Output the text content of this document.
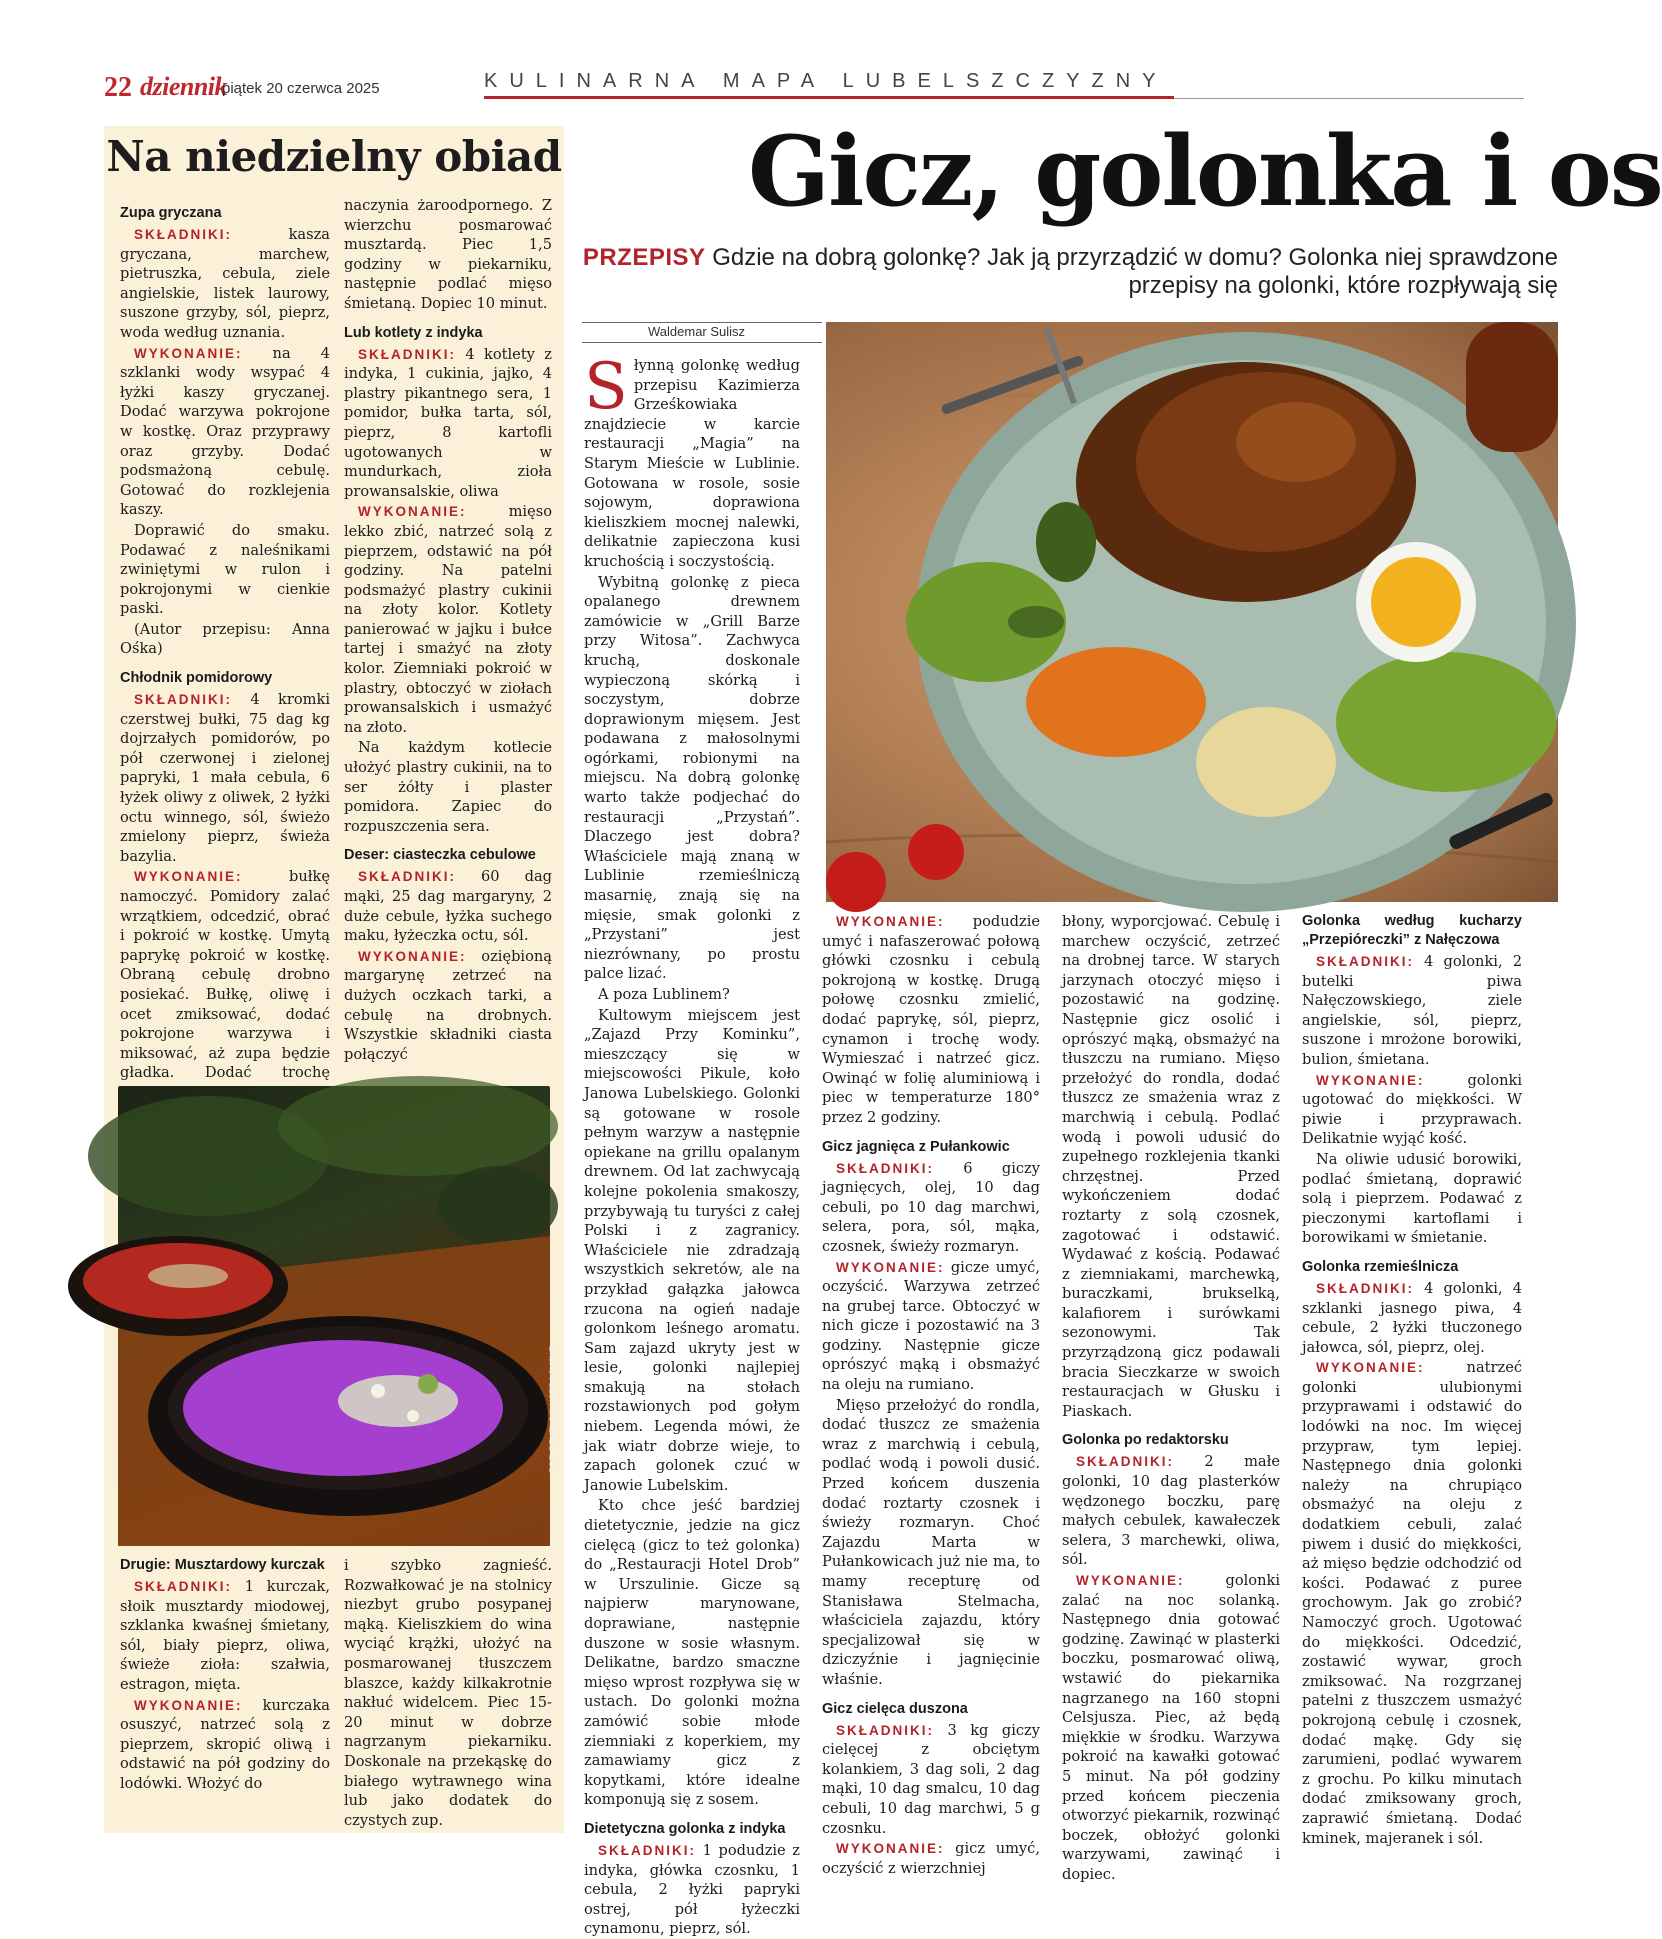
22 dziennik
piątek 20 czerwca 2025	KULINARNA MAPA LUBELSZCZYZNY
Na niedzielny obiad

Zupa gryczana

SKŁADNIKI: kasza gryczana, marchew, pietruszka, cebula, ziele angielskie, listek laurowy, suszone grzyby, sól, pieprz, woda według uznania.

WYKONANIE: na 4 szklanki wody wsypać 4 łyżki kaszy gryczanej. Dodać warzywa pokrojone w kostkę. Oraz przyprawy oraz grzyby. Dodać podsmażoną cebulę. Gotować do rozklejenia kaszy.

Doprawić do smaku. Podawać z naleśnikami zwiniętymi w rulon i pokrojonymi w cienkie paski.

(Autor przepisu: Anna Ośka)

Chłodnik pomidorowy

SKŁADNIKI: 4 kromki czerstwej bułki, 75 dag kg dojrzałych pomidorów, po pół czerwonej i zielonej papryki, 1 mała cebula, 6 łyżek oliwy z oliwek, 2 łyżki octu winnego, sól, świeżo zmielony pieprz, świeża bazylia.

WYKONANIE:	bułkę namoczyć. Pomidory zalać wrzątkiem, odcedzić, obrać i pokroić w kostkę. Umytą paprykę pokroić w kostkę. Obraną cebulę drobno posiekać. Bułkę, oliwę i ocet zmiksować, dodać pokrojone warzywa i miksować, aż zupa będzie gładka. Dodać trochę

naczynia żaroodpornego. Z wierzchu posmarować musztardą. Piec 1,5 godziny w piekarniku, następnie podlać mięso śmietaną. Dopiec 10 minut.

Lub kotlety z indyka

SKŁADNIKI: 4 kotlety z indyka, 1 cukinia, jajko, 4 plastry pikantnego sera, 1 pomidor, bułka tarta, sól, pieprz, 8 kartofli ugotowanych w mundurkach, zioła prowansalskie, oliwa

WYKONANIE: mięso lekko zbić, natrzeć solą z pieprzem, odstawić na pół godziny. Na patelni podsmażyć plastry cukinii na złoty kolor. Kotlety panierować w jajku i bułce tartej i smażyć na złoty kolor. Ziemniaki pokroić w plastry, obtoczyć w ziołach prowansalskich i usmażyć na złoto.

Na każdym kotlecie ułożyć plastry cukinii, na to ser żółty i plaster pomidora. Zapiec do rozpuszczenia sera.

Deser: ciasteczka cebulowe

SKŁADNIKI: 60 dag mąki, 25 dag margaryny, 2 duże cebule, łyżka suchego maku, łyżeczka octu, sól.

WYKONANIE: oziębioną margarynę zetrzeć na dużych oczkach tarki, a cebulę na drobnych. Wszystkie składniki ciasta połączyć

FOT. PEXELS/ILUSTRACYJNE

Drugie: Musztardowy kurczak

SKŁADNIKI: 1 kurczak, słoik musztardy miodowej, szklanka kwaśnej śmietany, sól, biały pieprz, oliwa, świeże zioła: szałwia, estragon, mięta.

WYKONANIE: kurczaka osuszyć, natrzeć solą z pieprzem, skropić oliwą i odstawić na pół godziny do lodówki. Włożyć do

i szybko zagnieść. Rozwałkować je na stolnicy niezbyt grubo posypanej mąką. Kieliszkiem do wina wyciąć krążki, ułożyć na posmarowanej tłuszczem blaszce, każdy kilkakrotnie nakłuć widelcem. Piec 15-20 minut w dobrze nagrzanym piekarniku. Doskonale na przekąskę do białego wytrawnego wina lub jako dodatek do czystych zup.

Gicz, golonka i os
PRZEPISY Gdzie na dobrą golonkę? Jak ją przyrządzić w domu? Golonka niej sprawdzone przepisy na golonki, które rozpływają się
Waldemar Sulisz

Słynną golonkę według przepisu Kazimierza Grześkowiaka znajdziecie w karcie restauracji „Magia” na Starym Mieście w Lublinie. Gotowana w rosole, sosie sojowym, doprawiona kieliszkiem mocnej nalewki, delikatnie zapieczona kusi kruchością i soczystością.

Wybitną golonkę z pieca opalanego drewnem zamówicie w „Grill Barze przy Witosa”. Zachwyca kruchą, doskonale wypieczoną skórką i soczystym, dobrze doprawionym mięsem. Jest podawana z małosolnymi ogórkami, robionymi na miejscu. Na dobrą golonkę warto także podjechać do restauracji „Przystań”. Dlaczego jest dobra? Właściciele mają znaną w Lublinie rzemieślniczą masarnię, znają się na mięsie, smak golonki z „Przystani” jest niezrównany, po prostu palce lizać.

A poza Lublinem?

Kultowym miejscem jest „Zajazd Przy Kominku”, mieszczący się w miejscowości Pikule, koło Janowa Lubelskiego. Golonki są gotowane w rosole pełnym warzyw a następnie opiekane na grillu opalanym drewnem. Od lat zachwycają kolejne pokolenia smakoszy, przybywają tu turyści z całej Polski i z zagranicy. Właściciele nie zdradzają wszystkich sekretów, ale na przykład gałązka jałowca rzucona na ogień nadaje golonkom leśnego aromatu. Sam zajazd ukryty jest w lesie, golonki najlepiej smakują na stołach rozstawionych pod gołym niebem. Legenda mówi, że jak wiatr dobrze wieje, to zapach golonek czuć w Janowie Lubelskim.

Kto chce jeść bardziej dietetycznie, jedzie na gicz cielęcą (gicz to też golonka) do „Restauracji Hotel Drob” w Urszulinie. Gicze są najpierw marynowane, doprawiane, następnie duszone w sosie własnym. Delikatne, bardzo smaczne mięso wprost rozpływa się w ustach. Do golonki można zamówić sobie młode ziemniaki z koperkiem, my zamawiamy gicz z kopytkami, które idealne komponują się z sosem.

Dietetyczna golonka z indyka

SKŁADNIKI: 1 podudzie z indyka, główka czosnku, 1 cebula, 2 łyżki papryki ostrej, pół łyżeczki cynamonu, pieprz, sól.

WYKONANIE: podudzie umyć i nafaszerować połową główki czosnku i cebulą pokrojoną w kostkę. Drugą połowę czosnku zmielić, dodać paprykę, sól, pieprz, cynamon i trochę wody. Wymieszać i natrzeć gicz. Owinąć w folię aluminiową i piec w temperaturze 180° przez 2 godziny.

Gicz jagnięca z Pułankowic

SKŁADNIKI: 6 giczy jagnięcych, olej, 10 dag cebuli, po 10 dag marchwi, selera, pora, sól, mąka, czosnek, świeży rozmaryn.

WYKONANIE: gicze umyć, oczyścić. Warzywa zetrzeć na grubej tarce. Obtoczyć w nich gicze i pozostawić na 3 godziny. Następnie gicze oprószyć mąką i obsmażyć na oleju na rumiano.

Mięso przełożyć do rondla, dodać tłuszcz ze smażenia wraz z marchwią i cebulą, podlać wodą i powoli dusić. Przed końcem duszenia dodać roztarty czosnek i świeży rozmaryn. Choć Zajazdu Marta w Pułankowicach już nie ma, to mamy recepturę od Stanisława Stelmacha, właściciela zajazdu, który specjalizował się w dziczyźnie i jagnięcinie właśnie.

Gicz cielęca duszona

SKŁADNIKI: 3 kg giczy cielęcej z obciętym kolankiem, 3 dag soli, 2 dag mąki, 10 dag smalcu, 10 dag cebuli, 10 dag marchwi, 5 g czosnku.

WYKONANIE: gicz umyć, oczyścić z wierzchniej

błony, wyporcjować. Cebulę i marchew oczyścić, zetrzeć na drobnej tarce. W starych jarzynach otoczyć mięso i pozostawić na godzinę. Następnie gicz osolić i oprószyć mąką, obsmażyć na tłuszczu na rumiano. Mięso przełożyć do rondla, dodać tłuszcz ze smażenia wraz z marchwią i cebulą. Podlać wodą i powoli udusić do zupełnego rozklejenia tkanki chrzęstnej. Przed wykończeniem dodać roztarty z solą czosnek, zagotować i odstawić. Wydawać z kością. Podawać z ziemniakami, marchewką, buraczkami, brukselką, kalafiorem i surówkami sezonowymi. Tak przyrządzoną gicz podawali bracia Sieczkarze w swoich restauracjach w Głusku i Piaskach.

Golonka po redaktorsku

SKŁADNIKI: 2 małe golonki, 10 dag plasterków wędzonego boczku, parę małych cebulek, kawałeczek selera, 3 marchewki, oliwa, sól.

WYKONANIE: golonki zalać na noc solanką. Następnego dnia gotować godzinę. Zawinąć w plasterki boczku, posmarować oliwą, wstawić do piekarnika nagrzanego na 160 stopni Celsjusza. Piec, aż będą miękkie w środku. Warzywa pokroić na kawałki gotować 5 minut. Na pół godziny przed końcem pieczenia otworzyć piekarnik, rozwinąć boczek, obłożyć golonki warzywami, zawinąć i dopiec.

Golonka według kucharzy „Przepióreczki” z Nałęczowa

SKŁADNIKI: 4 golonki, 2 butelki piwa Nałęczowskiego, ziele angielskie, sól, pieprz, suszone i mrożone borowiki, bulion, śmietana.

WYKONANIE: golonki ugotować do miękkości. W piwie i przyprawach. Delikatnie wyjąć kość.

Na oliwie udusić borowiki, podlać śmietaną, doprawić solą i pieprzem. Podawać z pieczonymi kartoflami i borowikami w śmietanie.

Golonka rzemieślnicza

SKŁADNIKI: 4 golonki, 4 szklanki jasnego piwa, 4 cebule, 2 łyżki tłuczonego jałowca, sól, pieprz, olej.

WYKONANIE: natrzeć golonki ulubionymi przyprawami i odstawić do lodówki na noc. Im więcej przypraw, tym lepiej. Następnego dnia golonki należy na chrupiąco obsmażyć na oleju z dodatkiem cebuli, zalać piwem i dusić do miękkości, aż mięso będzie odchodzić od kości. Podawać z puree grochowym. Jak go zrobić? Namoczyć groch. Ugotować do miękkości. Odcedzić, zostawić wywar, groch zmiksować. Na rozgrzanej patelni z tłuszczem usmażyć pokrojoną cebulę i czosnek, dodać mąkę. Gdy się zarumieni, podlać wywarem z grochu. Po kilku minutach dodać zmiksowany groch, zaprawić śmietaną. Dodać kminek, majeranek i sól.
